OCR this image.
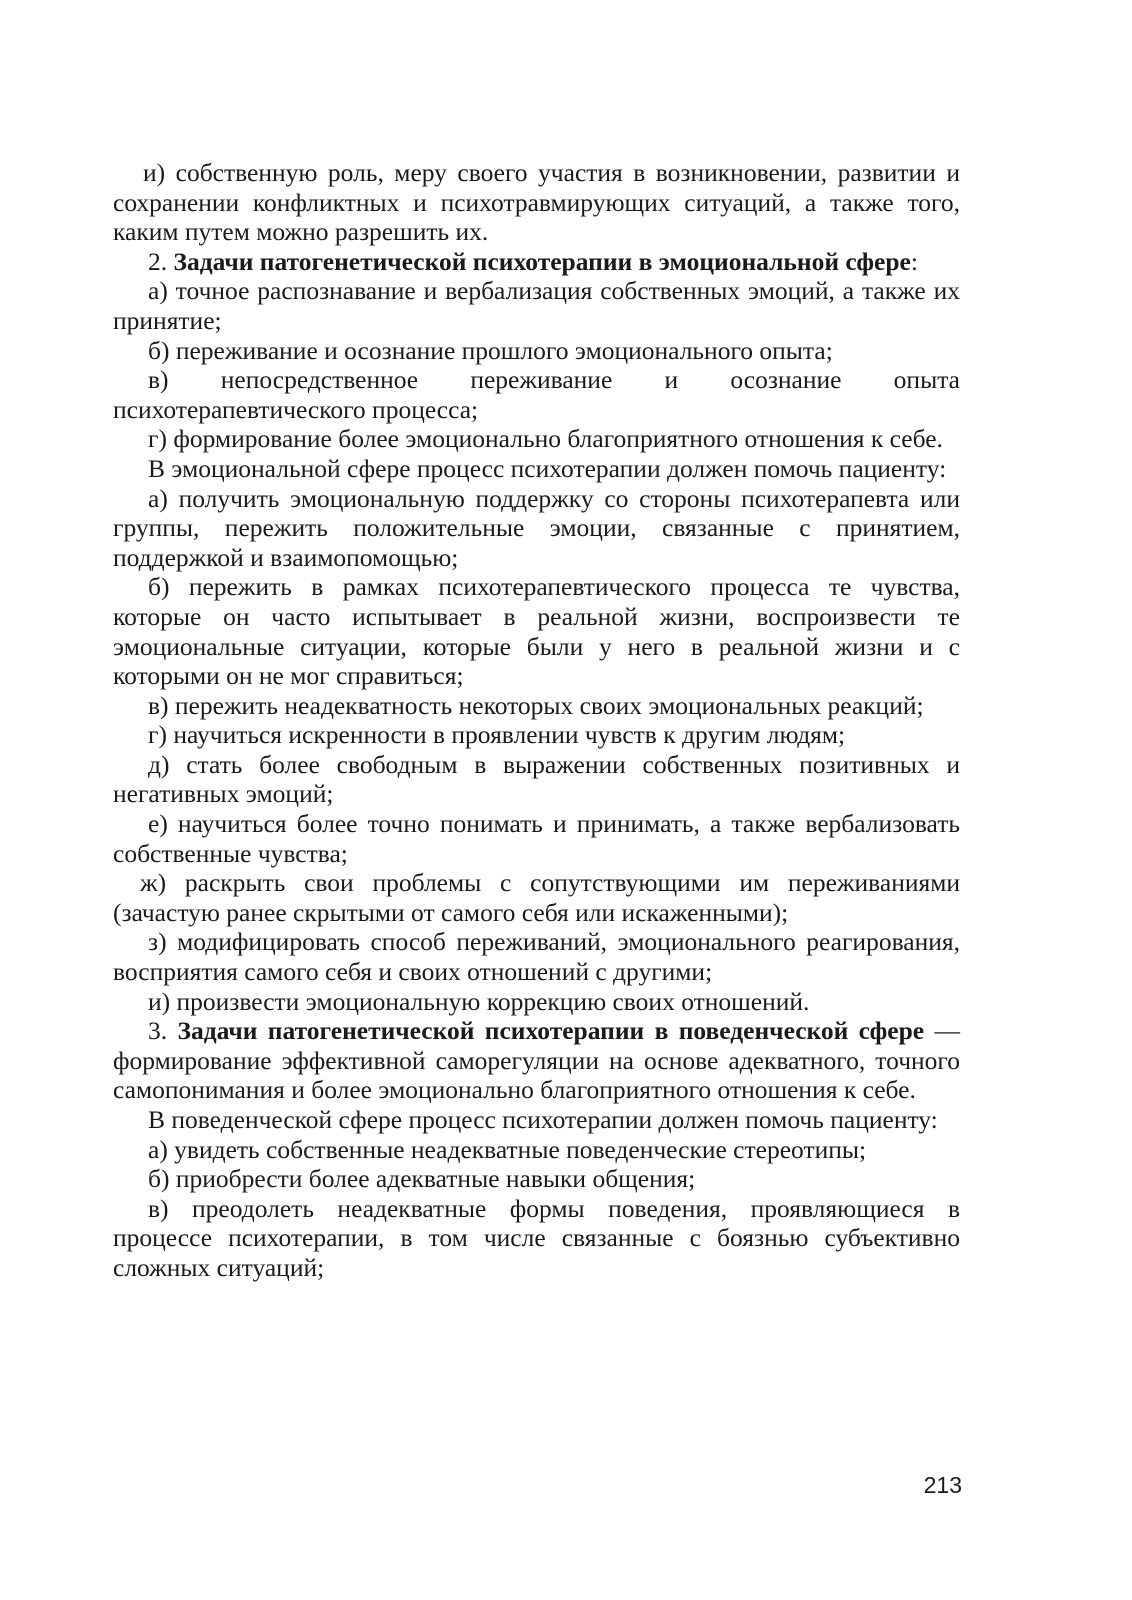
и) собственную роль, меру своего участия в возникновении, развитии и сохранении конфликтных и психотравмирующих ситуаций, а также того, каким путем можно разрешить их.

2. Задачи патогенетической психотерапии в эмоциональной сфере:

а) точное распознавание и вербализация собственных эмоций, а также их принятие;

б) переживание и осознание прошлого эмоционального опыта;

в) непосредственное переживание и осознание опыта психотерапевтического процесса;

г) формирование более эмоционально благоприятного отношения к себе.

В эмоциональной сфере процесс психотерапии должен помочь пациенту:

а) получить эмоциональную поддержку со стороны психотерапевта или группы, пережить положительные эмоции, связанные с принятием, поддержкой и взаимопомощью;

б) пережить в рамках психотерапевтического процесса те чувства, которые он часто испытывает в реальной жизни, воспроизвести те эмоциональные ситуации, которые были у него в реальной жизни и с которыми он не мог справиться;

в) пережить неадекватность некоторых своих эмоциональных реакций;

г) научиться искренности в проявлении чувств к другим людям;

д) стать более свободным в выражении собственных позитивных и негативных эмоций;

е) научиться более точно понимать и принимать, а также вербализовать собственные чувства;

ж) раскрыть свои проблемы с сопутствующими им переживаниями (зачастую ранее скрытыми от самого себя или искаженными);

з) модифицировать способ переживаний, эмоционального реагирования, восприятия самого себя и своих отношений с другими;

и) произвести эмоциональную коррекцию своих отношений.

3. Задачи патогенетической психотерапии в поведенческой сфере — формирование эффективной саморегуляции на основе адекватного, точного самопонимания и более эмоционально благоприятного отношения к себе.

В поведенческой сфере процесс психотерапии должен помочь пациенту:

а) увидеть собственные неадекватные поведенческие стереотипы;

б) приобрести более адекватные навыки общения;

в) преодолеть неадекватные формы поведения, проявляющиеся в процессе психотерапии, в том числе связанные с боязнью субъективно сложных ситуаций;

213
